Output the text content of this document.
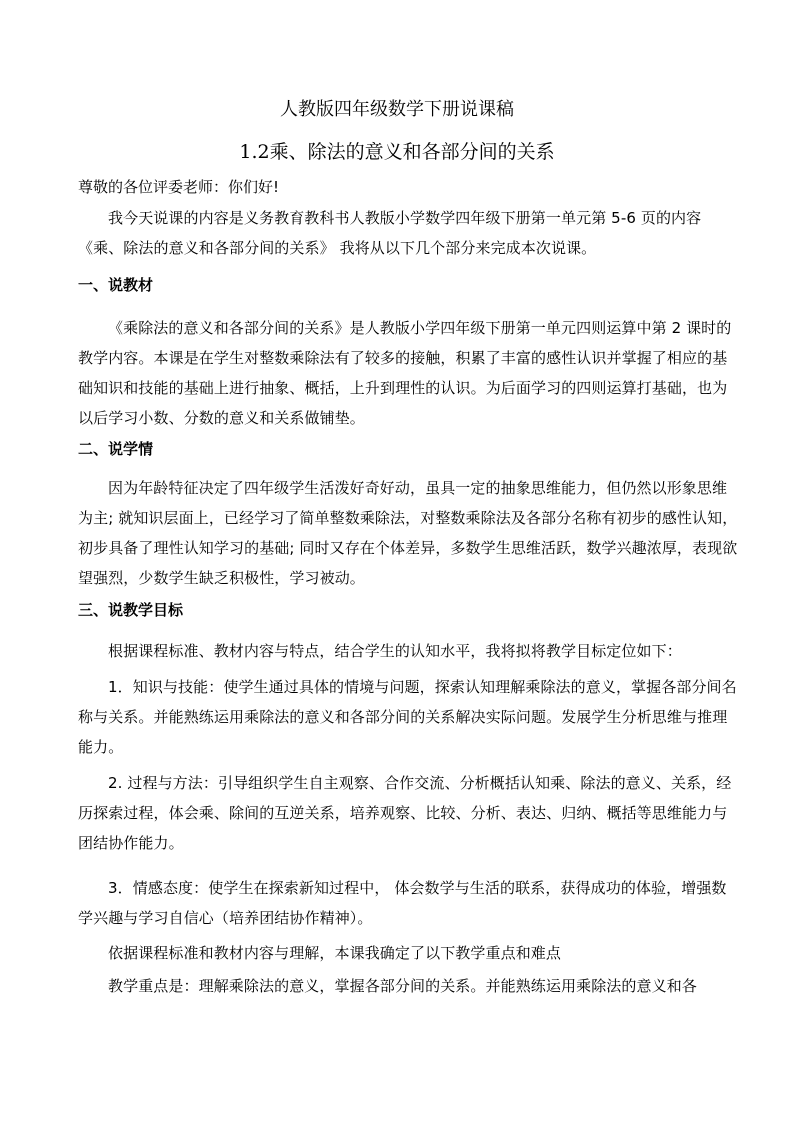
人教版四年级数学下册说课稿
1.2乘、除法的意义和各部分间的关系
尊敬的各位评委老师：你们好!
我今天说课的内容是义务教育教科书人教版小学数学四年级下册第一单元第 5-6 页的内容《乘、除法的意义和各部分间的关系》 我将从以下几个部分来完成本次说课。
一、说教材
《乘除法的意义和各部分间的关系》是人教版小学四年级下册第一单元四则运算中第 2 课时的教学内容。本课是在学生对整数乘除法有了较多的接触，积累了丰富的感性认识并掌握了相应的基础知识和技能的基础上进行抽象、概括，上升到理性的认识。为后面学习的四则运算打基础，也为以后学习小数、分数的意义和关系做铺垫。
二、说学情
因为年龄特征决定了四年级学生活泼好奇好动，虽具一定的抽象思维能力，但仍然以形象思维为主; 就知识层面上，已经学习了简单整数乘除法，对整数乘除法及各部分名称有初步的感性认知，初步具备了理性认知学习的基础; 同时又存在个体差异，多数学生思维活跃，数学兴趣浓厚，表现欲望强烈，少数学生缺乏积极性，学习被动。
三、说教学目标
根据课程标准、教材内容与特点，结合学生的认知水平，我将拟将教学目标定位如下：
1．知识与技能：使学生通过具体的情境与问题，探索认知理解乘除法的意义，掌握各部分间名称与关系。并能熟练运用乘除法的意义和各部分间的关系解决实际问题。发展学生分析思维与推理能力。
2. 过程与方法：引导组织学生自主观察、合作交流、分析概括认知乘、除法的意义、关系，经历探索过程，体会乘、除间的互逆关系，培养观察、比较、分析、表达、归纳、概括等思维能力与团结协作能力。
3．情感态度：使学生在探索新知过程中， 体会数学与生活的联系，获得成功的体验，增强数学兴趣与学习自信心（培养团结协作精神）。
依据课程标准和教材内容与理解，本课我确定了以下教学重点和难点
教学重点是：理解乘除法的意义，掌握各部分间的关系。并能熟练运用乘除法的意义和各
